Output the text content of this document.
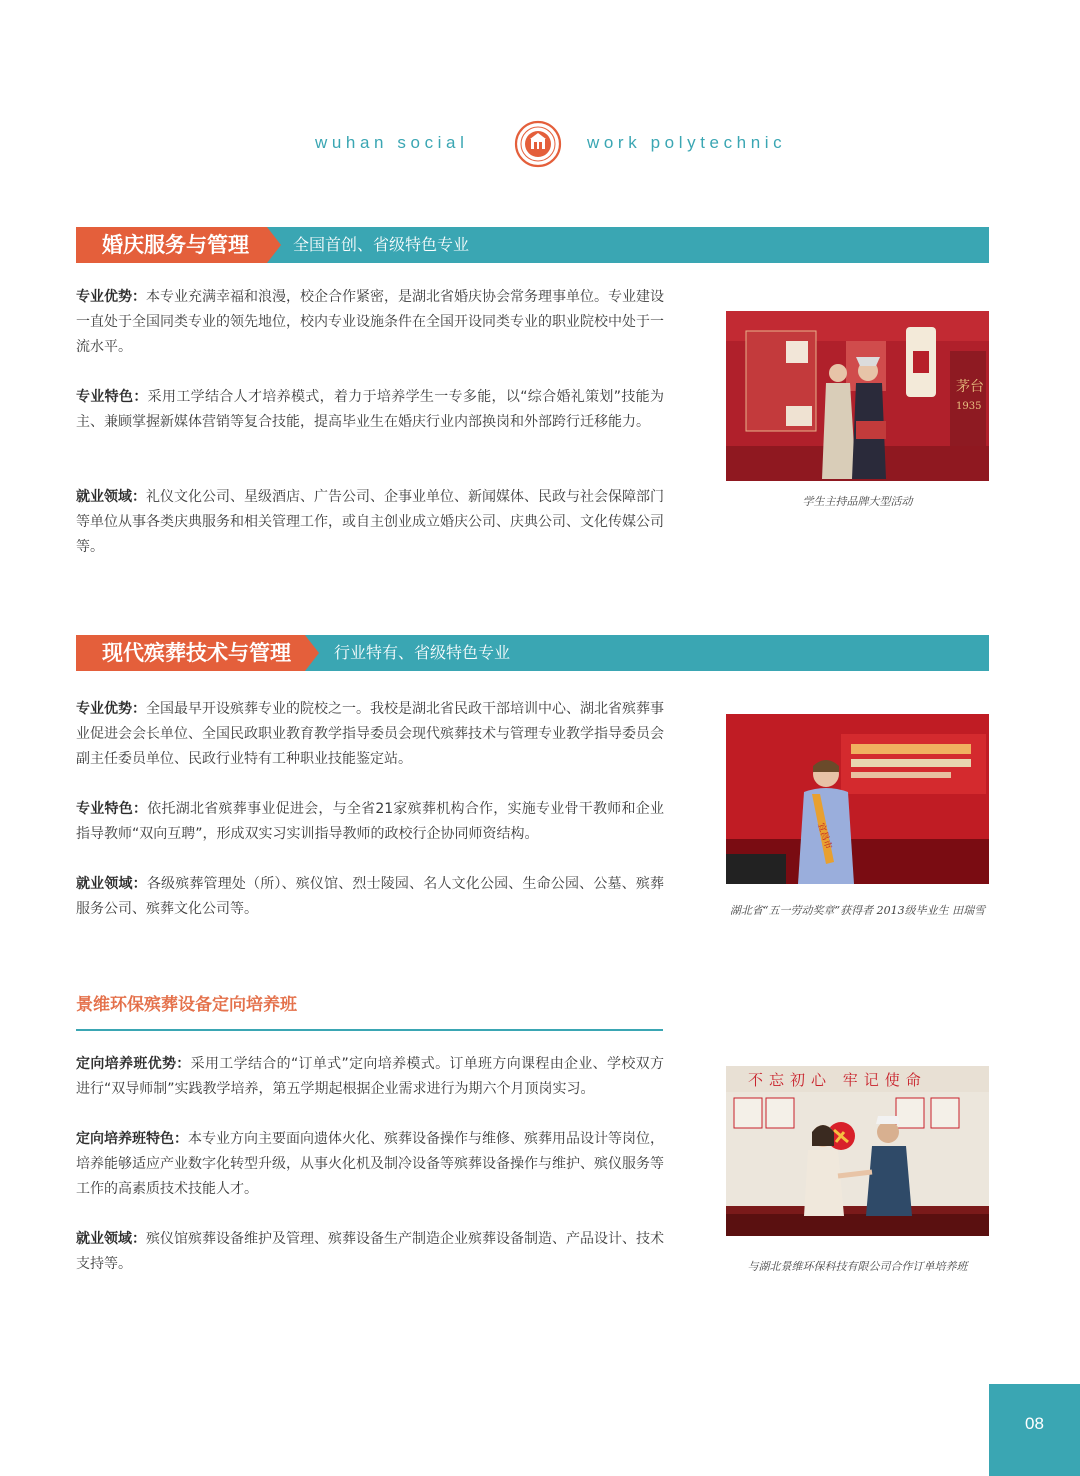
wuhan social	work polytechnic
婚庆服务与管理	全国首创、省级特色专业

专业优势：本专业充满幸福和浪漫，校企合作紧密，是湖北省婚庆协会常务理事单位。专业建设一直处于全国同类专业的领先地位，校内专业设施条件在全国开设同类专业的职业院校中处于一流水平。

专业特色：采用工学结合人才培养模式，着力于培养学生一专多能，以“综合婚礼策划”技能为主、兼顾掌握新媒体营销等复合技能，提高毕业生在婚庆行业内部换岗和外部跨行迁移能力。

就业领域：礼仪文化公司、星级酒店、广告公司、企事业单位、新闻媒体、民政与社会保障部门等单位从事各类庆典服务和相关管理工作，或自主创业成立婚庆公司、庆典公司、文化传媒公司等。

茅台
1935
学生主持品牌大型活动
现代殡葬技术与管理	行业特有、省级特色专业

专业优势：全国最早开设殡葬专业的院校之一。我校是湖北省民政干部培训中心、湖北省殡葬事业促进会会长单位、全国民政职业教育教学指导委员会现代殡葬技术与管理专业教学指导委员会副主任委员单位、民政行业特有工种职业技能鉴定站。

专业特色：依托湖北省殡葬事业促进会，与全省21家殡葬机构合作，实施专业骨干教师和企业指导教师“双向互聘”，形成双实习实训指导教师的政校行企协同师资结构。

就业领域：各级殡葬管理处（所）、殡仪馆、烈士陵园、名人文化公园、生命公园、公墓、殡葬服务公司、殡葬文化公司等。

宜昌市
湖北省“五一劳动奖章”获得者 2013级毕业生 田瑞雪
景维环保殡葬设备定向培养班

定向培养班优势：采用工学结合的“订单式”定向培养模式。订单班方向课程由企业、学校双方进行“双导师制”实践教学培养，第五学期起根据企业需求进行为期六个月顶岗实习。

定向培养班特色：本专业方向主要面向遗体火化、殡葬设备操作与维修、殡葬用品设计等岗位，培养能够适应产业数字化转型升级，从事火化机及制冷设备等殡葬设备操作与维护、殡仪服务等工作的高素质技术技能人才。

就业领域：殡仪馆殡葬设备维护及管理、殡葬设备生产制造企业殡葬设备制造、产品设计、技术支持等。

不忘初心 牢记使命
与湖北景维环保科技有限公司合作订单培养班
08
